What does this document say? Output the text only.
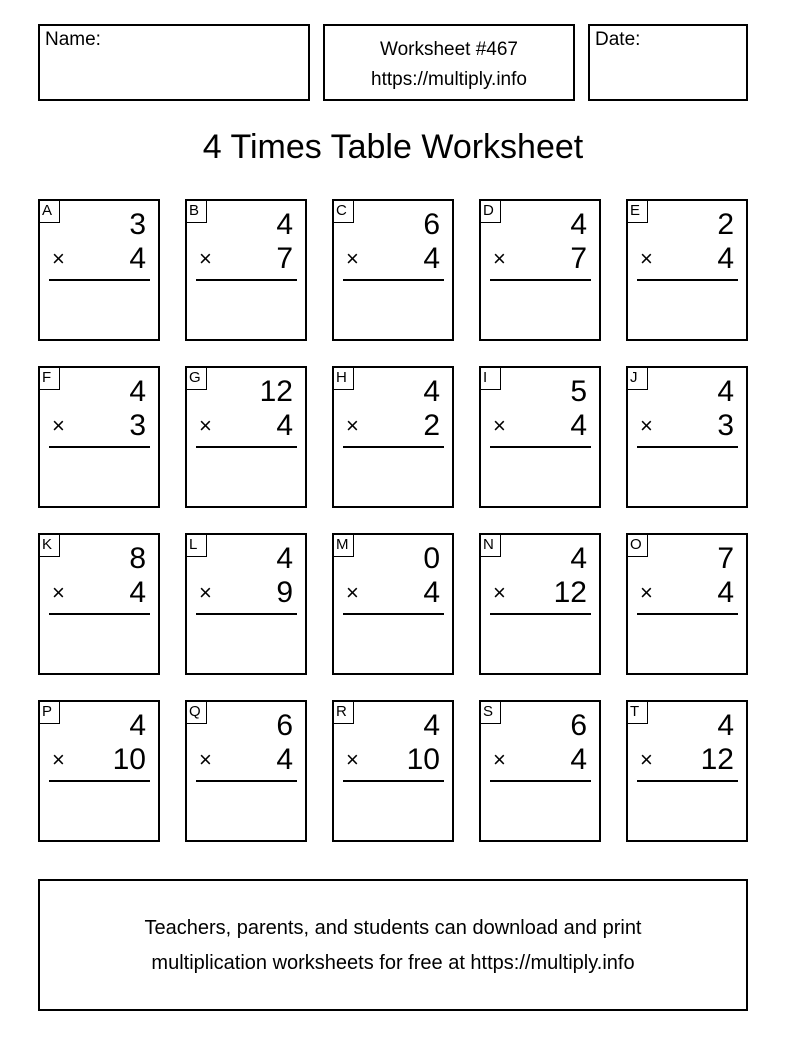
Name:	Worksheet #467
https://multiply.info
Date:
4 Times Table Worksheet
A	3
× 4
B	4
× 7
C	6
× 4
D	4
× 7
E	2
× 4
F	4
× 3
G 12
× 4
H	4
× 2
I	5
× 4
J	4
× 3
K	8
× 4
L	4
× 9
M 0
× 4
N	4
× 12
O	7
× 4
P	4
× 10
Q	6
× 4
R	4
× 10
S	6
× 4
T	4
× 12
Teachers, parents, and students can download and print
multiplication worksheets for free at https://multiply.info
